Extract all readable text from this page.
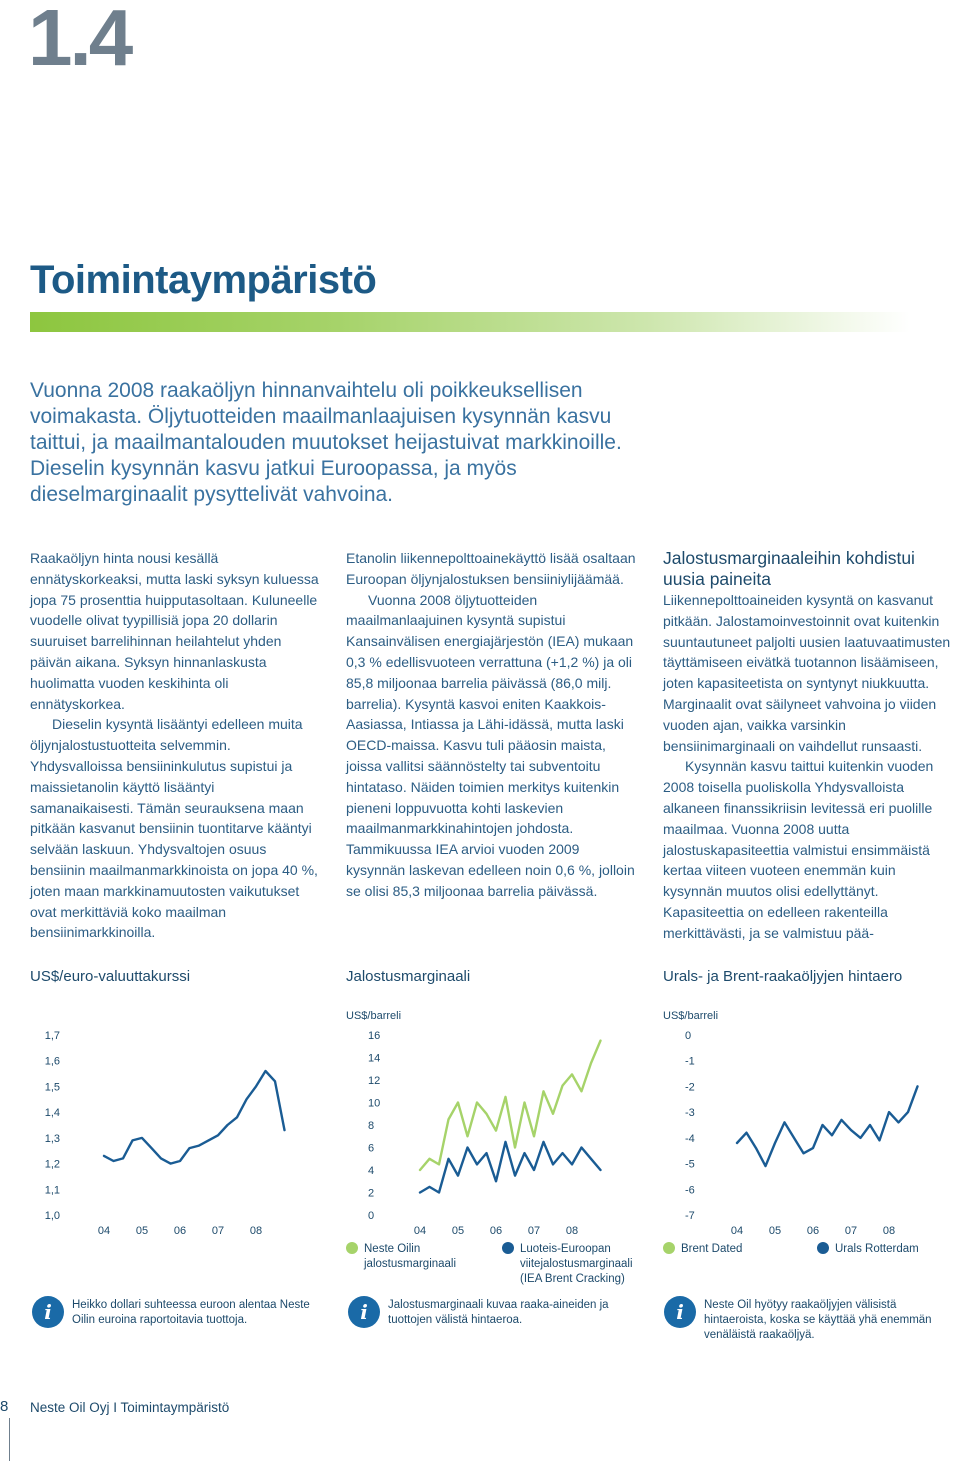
1.4
Toimintaympäristö
Vuonna 2008 raakaöljyn hinnanvaihtelu oli poikkeuksellisen voimakasta. Öljytuotteiden maailmanlaajuisen kysynnän kasvu taittui, ja maailmantalouden muutokset heijastuivat markkinoille. Dieselin kysynnän kasvu jatkui Euroopassa, ja myös dieselmarginaalit pysyttelivät vahvoina.

Raakaöljyn hinta nousi kesällä ennätyskorkeaksi, mutta laski syksyn kuluessa jopa 75 prosenttia huipputasoltaan. Kuluneelle vuodelle olivat tyypillisiä jopa 20 dollarin suuruiset barrelihinnan heilahtelut yhden päivän aikana. Syksyn hinnanlaskusta huolimatta vuoden keskihinta oli ennätyskorkea.

Dieselin kysyntä lisääntyi edelleen muita öljynjalostustuotteita selvemmin. Yhdysvalloissa bensiininkulutus supistui ja maissietanolin käyttö lisääntyi samanaikaisesti. Tämän seurauksena maan pitkään kasvanut bensiinin tuontitarve kääntyi selvään laskuun. Yhdysvaltojen osuus bensiinin maailmanmarkkinoista on jopa 40 %, joten maan markkinamuutosten vaikutukset ovat merkittäviä koko maailman bensiinimarkkinoilla.

Etanolin liikennepolttoainekäyttö lisää osaltaan Euroopan öljynjalostuksen bensiiniylijäämää.

Vuonna 2008 öljytuotteiden maailmanlaajuinen kysyntä supistui Kansainvälisen energiajärjestön (IEA) mukaan 0,3 % edellisvuoteen verrattuna (+1,2 %) ja oli 85,8 miljoonaa barrelia päivässä (86,0 milj. barrelia). Kysyntä kasvoi eniten Kaakkois-Aasiassa, Intiassa ja Lähi-idässä, mutta laski OECD-maissa. Kasvu tuli pääosin maista, joissa vallitsi säännöstelty tai subventoitu hintataso. Näiden toimien merkitys kuitenkin pieneni loppuvuotta kohti laskevien maailmanmarkkinahintojen johdosta. Tammikuussa IEA arvioi vuoden 2009 kysynnän laskevan edelleen noin 0,6 %, jolloin se olisi 85,3 miljoonaa barrelia päivässä.

Jalostusmarginaaleihin kohdistui uusia paineita

Liikennepolttoaineiden kysyntä on kasvanut pitkään. Jalostamoinvestoinnit ovat kuitenkin suuntautuneet paljolti uusien laatuvaatimusten täyttämiseen eivätkä tuotannon lisäämiseen, joten kapasiteetista on syntynyt niukkuutta. Marginaalit ovat säilyneet vahvoina jo viiden vuoden ajan, vaikka varsinkin bensiinimarginaali on vaihdellut runsaasti.

Kysynnän kasvu taittui kuitenkin vuoden 2008 toisella puoliskolla Yhdysvalloista alkaneen finanssikriisin levitessä eri puolille maailmaa. Vuonna 2008 uutta jalostuskapasiteettia valmistui ensimmäistä kertaa viiteen vuoteen enemmän kuin kysynnän muutos olisi edellyttänyt. Kapasiteettia on edelleen rakenteilla merkittävästi, ja se valmistuu pää-

US$/euro-valuuttakurssi	Jalostusmarginaali	Urals- ja Brent-raakaöljyjen hintaero
1,0
1,1
1,2
1,3
1,4
1,5
1,6
1,7
04 05 06 07 08
US$/barreli
0
2
4
6
8
10
12
14
16
04 05 06 07 08
US$/barreli
-7
-6
-5
-4
-3
-2
-1
0
04 05 06 07 08
Neste Oilin jalostusmarginaali
Luoteis-Euroopan viitejalostusmarginaali (IEA Brent Cracking)
Brent Dated	Urals Rotterdam
i	Heikko dollari suhteessa euroon alentaa Neste Oilin euroina raportoitavia tuottoja.	i	Jalostusmarginaali kuvaa raaka-aineiden ja tuottojen välistä hintaeroa.	i	Neste Oil hyötyy raakaöljyjen välisistä hintaeroista, koska se käyttää yhä enemmän venäläistä raakaöljyä.
8 Neste Oil Oyj I Toimintaympäristö
